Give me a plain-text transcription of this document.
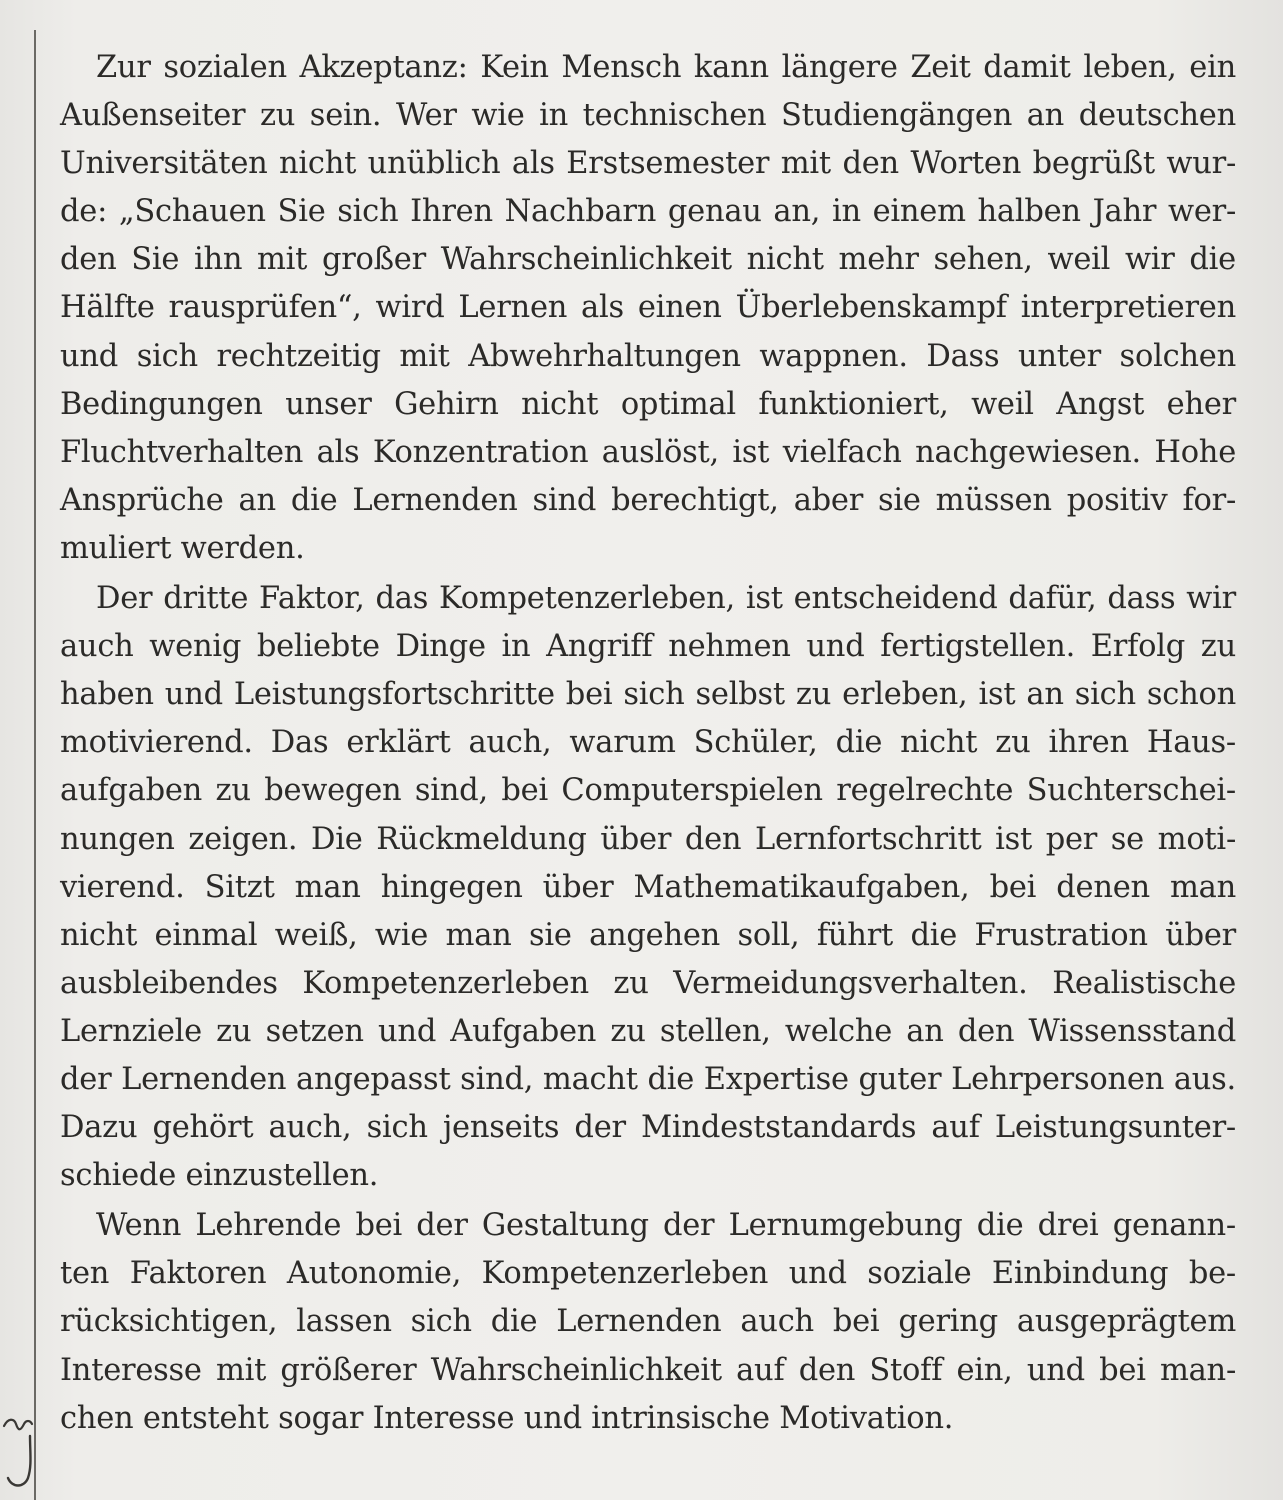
Zur sozialen Akzeptanz: Kein Mensch kann längere Zeit damit leben, ein
Außenseiter zu sein. Wer wie in technischen Studiengängen an deutschen
Universitäten nicht unüblich als Erstsemester mit den Worten begrüßt wur-
de: „Schauen Sie sich Ihren Nachbarn genau an, in einem halben Jahr wer-
den Sie ihn mit großer Wahrscheinlichkeit nicht mehr sehen, weil wir die
Hälfte rausprüfen“, wird Lernen als einen Überlebenskampf interpretieren
und sich rechtzeitig mit Abwehrhaltungen wappnen. Dass unter solchen
Bedingungen unser Gehirn nicht optimal funktioniert, weil Angst eher
Fluchtverhalten als Konzentration auslöst, ist vielfach nachgewiesen. Hohe
Ansprüche an die Lernenden sind berechtigt, aber sie müssen positiv for-
muliert werden.
Der dritte Faktor, das Kompetenzerleben, ist entscheidend dafür, dass wir
auch wenig beliebte Dinge in Angriff nehmen und fertigstellen. Erfolg zu
haben und Leistungsfortschritte bei sich selbst zu erleben, ist an sich schon
motivierend. Das erklärt auch, warum Schüler, die nicht zu ihren Haus-
aufgaben zu bewegen sind, bei Computerspielen regelrechte Suchterschei-
nungen zeigen. Die Rückmeldung über den Lernfortschritt ist per se moti-
vierend. Sitzt man hingegen über Mathematikaufgaben, bei denen man
nicht einmal weiß, wie man sie angehen soll, führt die Frustration über
ausbleibendes Kompetenzerleben zu Vermeidungsverhalten. Realistische
Lernziele zu setzen und Aufgaben zu stellen, welche an den Wissensstand
der Lernenden angepasst sind, macht die Expertise guter Lehrpersonen aus.
Dazu gehört auch, sich jenseits der Mindeststandards auf Leistungsunter-
schiede einzustellen.
Wenn Lehrende bei der Gestaltung der Lernumgebung die drei genann-
ten Faktoren Autonomie, Kompetenzerleben und soziale Einbindung be-
rücksichtigen, lassen sich die Lernenden auch bei gering ausgeprägtem
Interesse mit größerer Wahrscheinlichkeit auf den Stoff ein, und bei man-
chen entsteht sogar Interesse und intrinsische Motivation.
